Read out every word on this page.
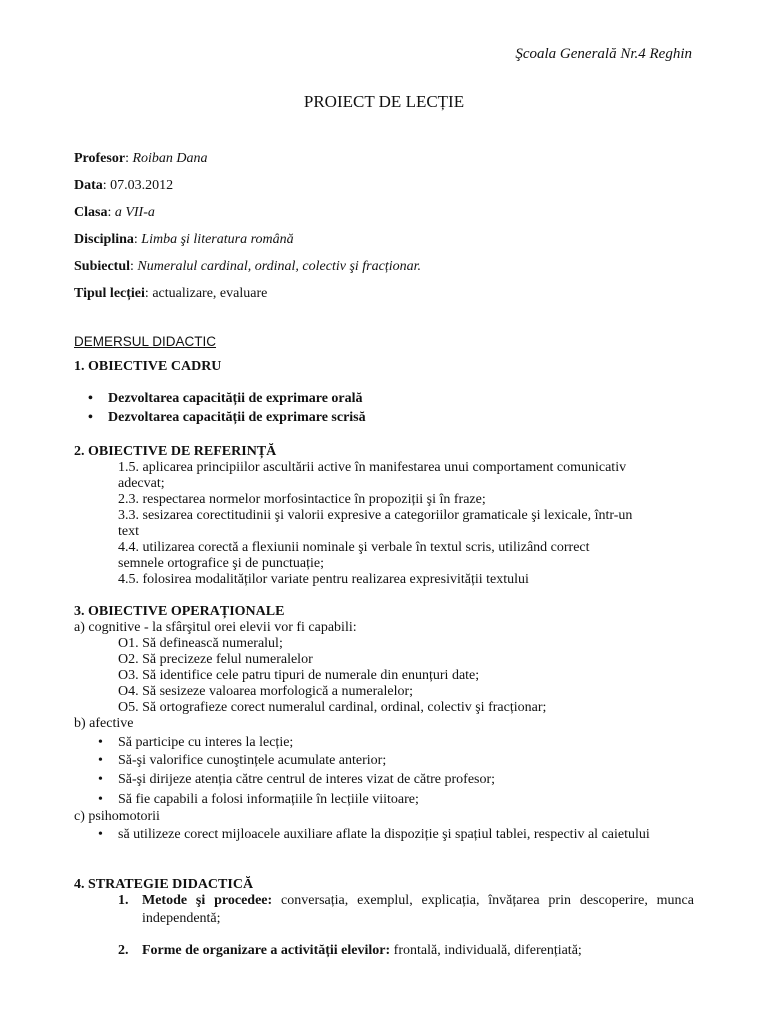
Şcoala Generală Nr.4 Reghin
PROIECT DE LECȚIE
Profesor: Roiban Dana
Data: 07.03.2012
Clasa: a VII-a
Disciplina: Limba şi literatura română
Subiectul: Numeralul cardinal, ordinal, colectiv şi fracționar.
Tipul lecției: actualizare, evaluare
DEMERSUL DIDACTIC
1. OBIECTIVE CADRU
• Dezvoltarea capacității de exprimare orală
• Dezvoltarea capacității de exprimare scrisă
2. OBIECTIVE DE REFERINȚĂ
1.5. aplicarea principiilor ascultării active în manifestarea unui comportament comunicativ
adecvat;
2.3. respectarea normelor morfosintactice în propoziții şi în fraze;
3.3. sesizarea corectitudinii şi valorii expresive a categoriilor gramaticale şi lexicale, într-un
text
4.4. utilizarea corectă a flexiunii nominale şi verbale în textul scris, utilizând correct
semnele ortografice şi de punctuație;
4.5. folosirea modalităților variate pentru realizarea expresivității textului
3. OBIECTIVE OPERAȚIONALE
a) cognitive - la sfârşitul orei elevii vor fi capabili:
O1. Să definească numeralul;
O2. Să precizeze felul numeralelor
O3. Să identifice cele patru tipuri de numerale din enunțuri date;
O4. Să sesizeze valoarea morfologică a numeralelor;
O5. Să ortografieze corect numeralul cardinal, ordinal, colectiv şi fracționar;
b) afective
• Să participe cu interes la lecție;
• Să-şi valorifice cunoştințele acumulate anterior;
• Să-şi dirijeze atenția către centrul de interes vizat de către profesor;
• Să fie capabili a folosi informațiile în lecțiile viitoare;
c) psihomotorii
• să utilizeze corect mijloacele auxiliare aflate la dispoziție şi spațiul tablei, respectiv al caietului
4. STRATEGIE DIDACTICĂ
1. Metode şi procedee: conversația, exemplul, explicația, învățarea prin descoperire, munca independentă;
2. Forme de organizare a activității elevilor: frontală, individuală, diferențiată;
